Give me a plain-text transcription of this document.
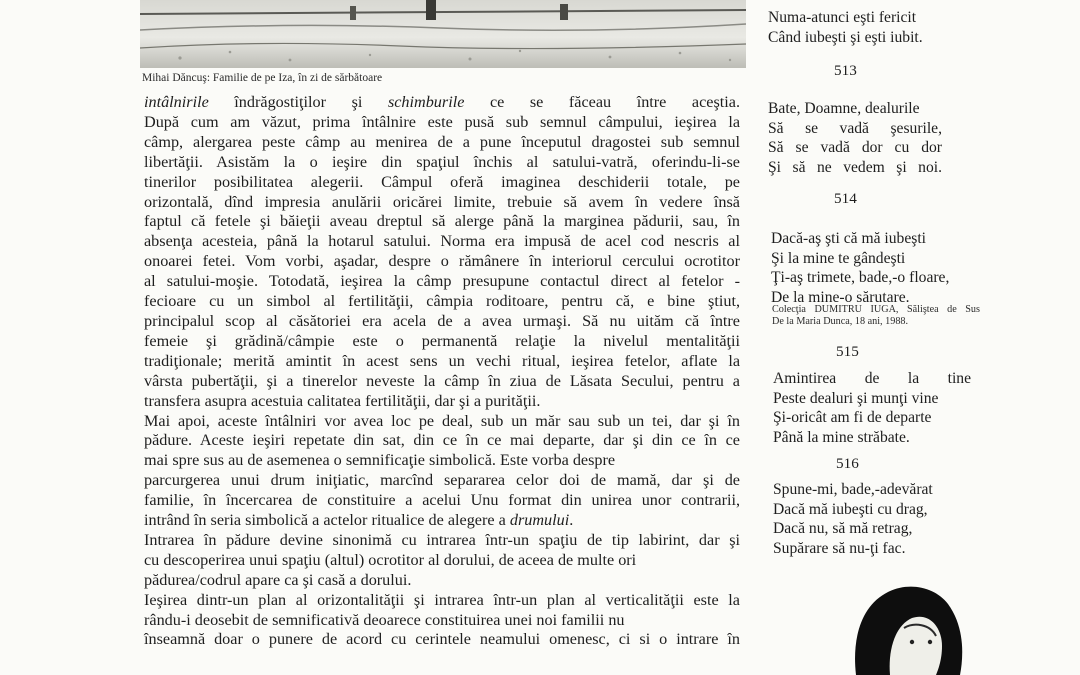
Mihai Dăncuş: Familie de pe Iza, în zi de sărbătoare
intâlnirile îndrăgostiţilor şi schimburile ce se făceau între aceştia.
După cum am văzut, prima întâlnire este pusă sub semnul câmpului, ieşirea la
câmp, alergarea peste câmp au menirea de a pune începutul dragostei sub semnul
libertăţii. Asistăm la o ieşire din spaţiul închis al satului-vatră, oferindu-li-se
tinerilor posibilitatea alegerii. Câmpul oferă imaginea deschiderii totale, pe
orizontală, dînd impresia anulării oricărei limite, trebuie să avem în vedere însă
faptul că fetele şi băieţii aveau dreptul să alerge până la marginea pădurii, sau, în
absenţa acesteia, până la hotarul satului. Norma era impusă de acel cod nescris al
onoarei fetei. Vom vorbi, aşadar, despre o rămânere în interiorul cercului ocrotitor
al satului-moşie. Totodată, ieşirea la câmp presupune contactul direct al fetelor -
fecioare cu un simbol al fertilităţii, câmpia roditoare, pentru că, e bine ştiut,
principalul scop al căsătoriei era acela de a avea urmaşi. Să nu uităm că între
femeie şi grădină/câmpie este o permanentă relaţie la nivelul mentalităţii
tradiţionale; merită amintit în acest sens un vechi ritual, ieşirea fetelor, aflate la
vârsta pubertăţii, şi a tinerelor neveste la câmp în ziua de Lăsata Secului, pentru a
transfera asupra acestuia calitatea fertilităţii, dar şi a purităţii.
Mai apoi, aceste întâlniri vor avea loc pe deal, sub un măr sau sub un tei, dar şi în
pădure. Aceste ieşiri repetate din sat, din ce în ce mai departe, dar şi din ce în ce
mai spre sus au de asemenea o semnificaţie simbolică. Este vorba despre
parcurgerea unui drum iniţiatic, marcînd separarea celor doi de mamă, dar şi de
familie, în încercarea de constituire a acelui Unu format din unirea unor contrarii,
intrând în seria simbolică a actelor ritualice de alegere a drumului.
Intrarea în pădure devine sinonimă cu intrarea într-un spaţiu de tip labirint, dar şi
cu descoperirea unui spaţiu (altul) ocrotitor al dorului, de aceea de multe ori
pădurea/codrul apare ca şi casă a dorului.
Ieşirea dintr-un plan al orizontalităţii şi intrarea într-un plan al verticalităţii este la
rându-i deosebit de semnificativă deoarece constituirea unei noi familii nu
înseamnă doar o punere de acord cu cerintele neamului omenesc, ci si o intrare în
Numa-atunci eşti fericit
Când iubeşti şi eşti iubit.
513
Bate, Doamne, dealurile
Să se vadă şesurile,
Să se vadă dor cu dor
Şi să ne vedem şi noi.
514
Dacă-aş şti că mă iubeşti
Şi la mine te gândeşti
Ţi-aş trimete, bade,-o floare,
De la mine-o sărutare.
Colecţia DUMITRU IUGA, Săliştea de Sus
De la Maria Dunca, 18 ani, 1988.
515
Amintirea de la tine
Peste dealuri şi munţi vine
Şi-oricât am fi de departe
Până la mine străbate.
516
Spune-mi, bade,-adevărat
Dacă mă iubeşti cu drag,
Dacă nu, să mă retrag,
Supărare să nu-ţi fac.
